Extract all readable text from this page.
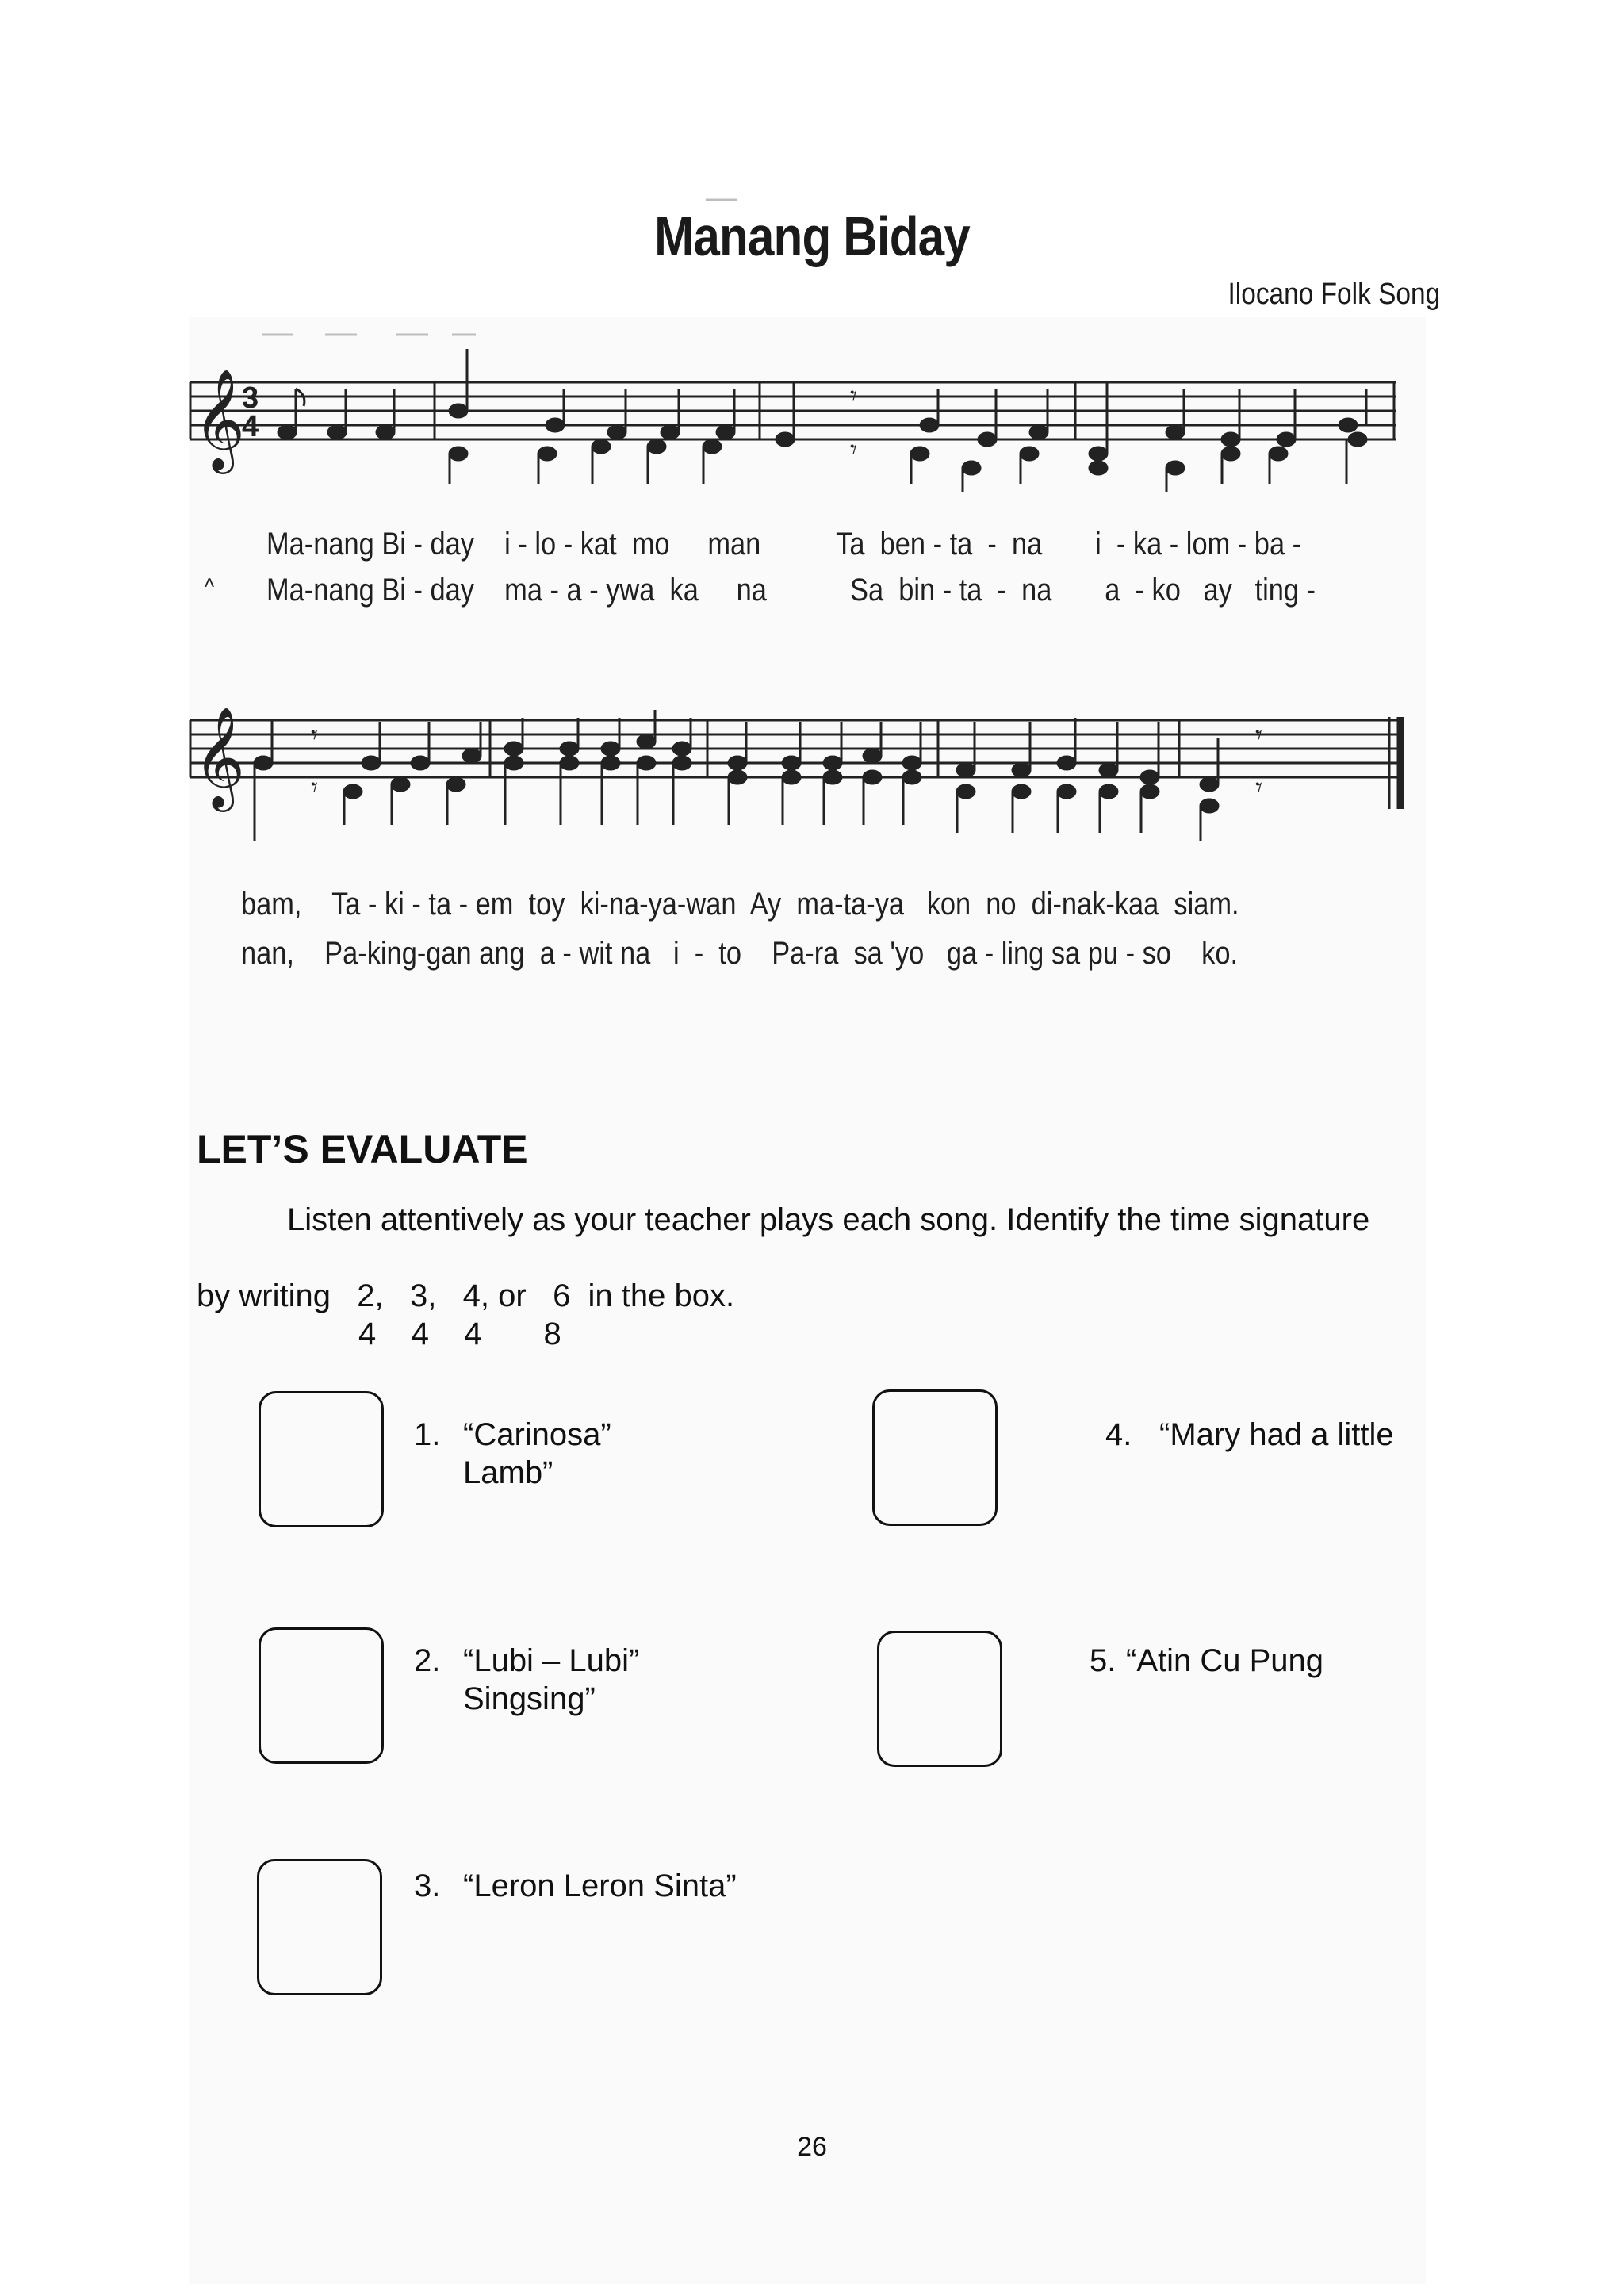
Manang Biday
Ilocano Folk Song
𝄞
3
4
𝄾
𝄾
𝄞 𝄾
𝄾
𝄾
𝄾
Ma-nang Bi - day    i - lo - kat  mo     man          Ta  ben - ta  -  na       i  - ka - lom - ba -
^ Ma-nang Bi - day    ma - a - ywa  ka     na           Sa  bin - ta  -  na       a  - ko   ay   ting -
bam,    Ta - ki - ta - em  toy  ki-na-ya-wan  Ay  ma-ta-ya   kon  no  di-nak-kaa  siam.
nan,    Pa-king-gan ang  a - wit na   i  -  to    Pa-ra  sa 'yo   ga - ling sa pu - so    ko.
LET’S EVALUATE
Listen attentively as your teacher plays each song. Identify the time signature
by writing   2,   3,   4, or   6  in the box.
4    4    4       8
1. “Carinosa”
Lamb”
4. “Mary had a little
2. “Lubi – Lubi”
Singsing”
5. “Atin Cu Pung
3. “Leron Leron Sinta”
26
